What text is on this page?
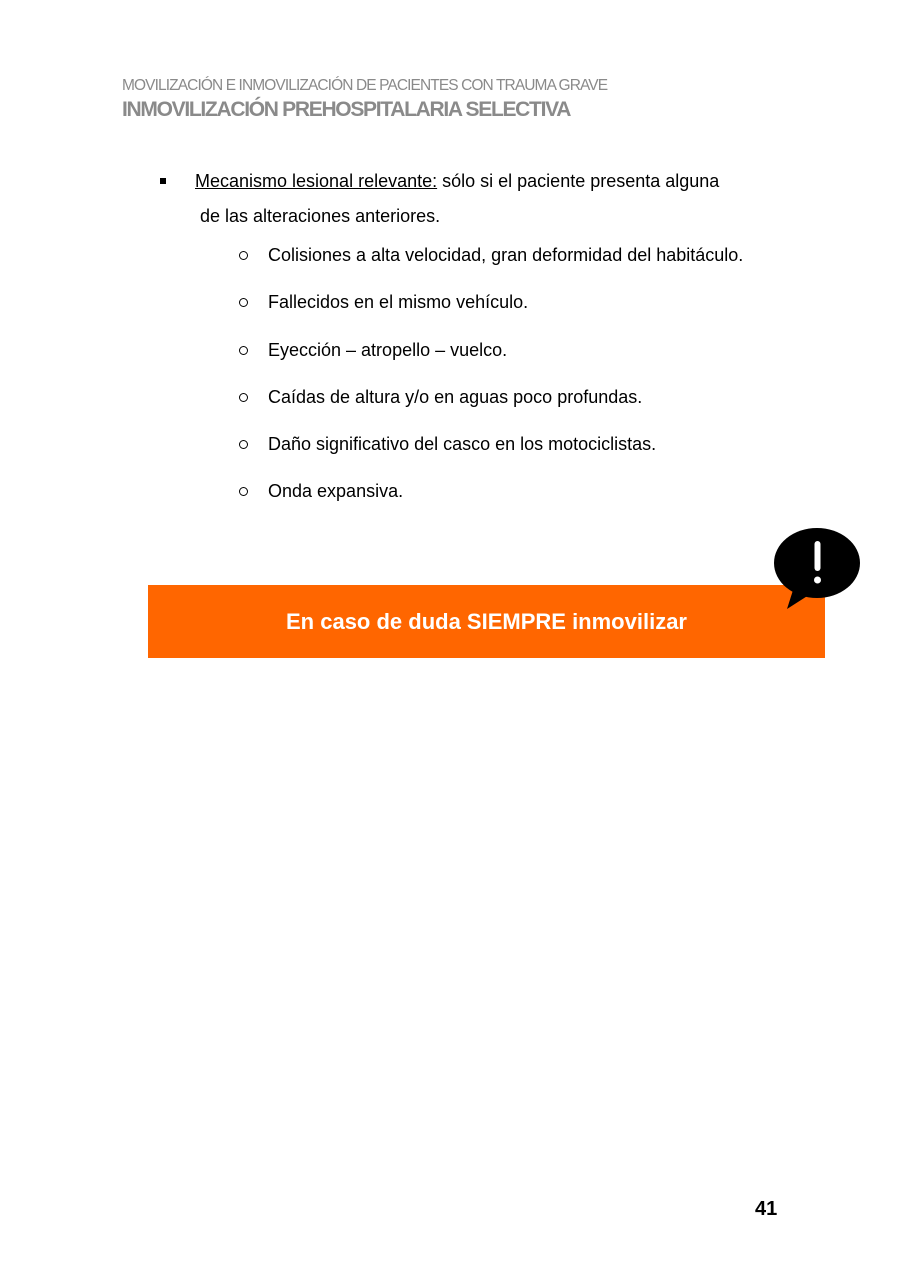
MOVILIZACIÓN E INMOVILIZACIÓN DE PACIENTES CON TRAUMA GRAVE
INMOVILIZACIÓN PREHOSPITALARIA SELECTIVA
Mecanismo lesional relevante: sólo si el paciente presenta alguna
de las alteraciones anteriores.
Colisiones a alta velocidad, gran deformidad del habitáculo.
Fallecidos en el mismo vehículo.
Eyección – atropello – vuelco.
Caídas de altura y/o en aguas poco profundas.
Daño significativo del casco en los motociclistas.
Onda expansiva.
En caso de duda SIEMPRE inmovilizar
41
